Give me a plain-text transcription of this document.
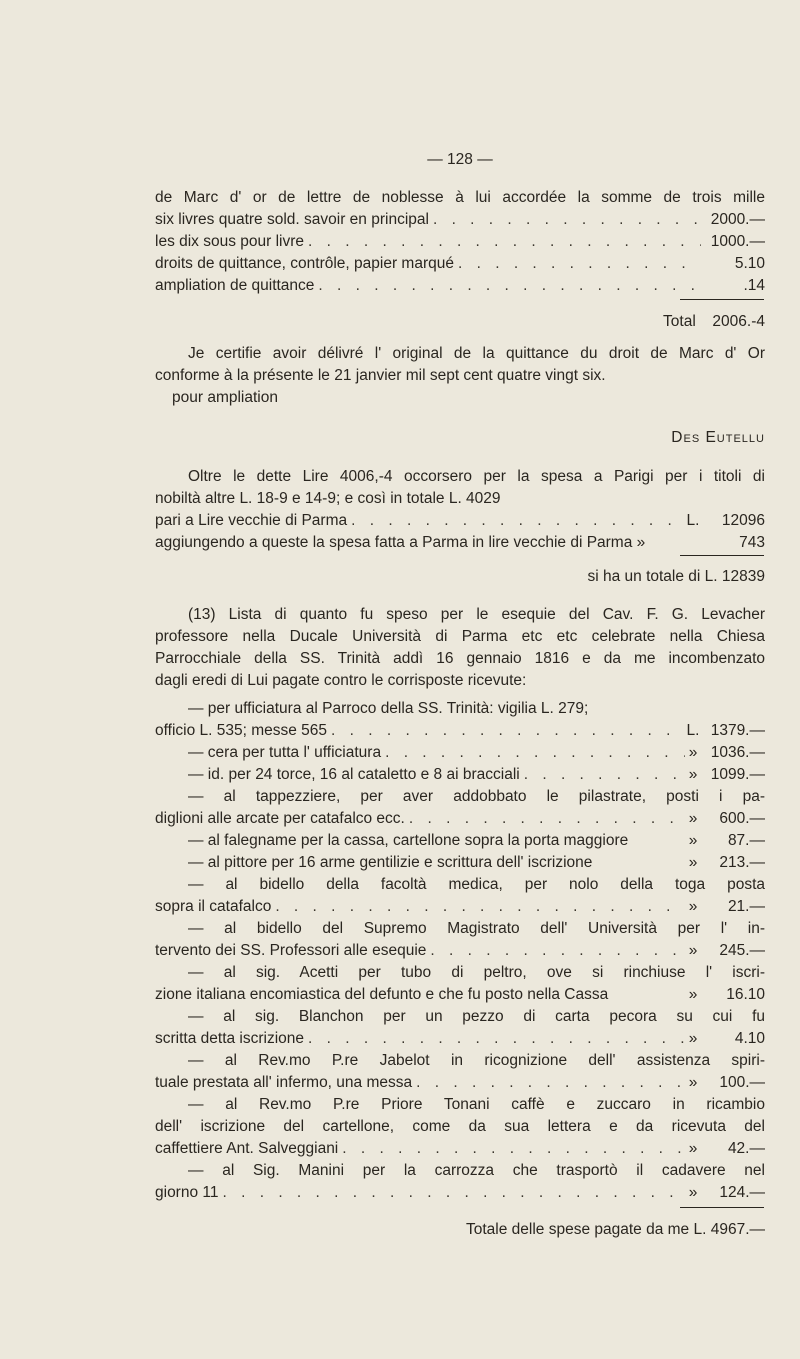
— 128 —
de Marc d' or de lettre de noblesse à lui accordée la somme de trois mille
six livres quatre sold. savoir en principal . . .	2000.—
les dix sous pour livre . . .	1000.—
droits de quittance, contrôle, papier marqué . . .	5.10
ampliation de quittance . . .	.14
Total 2006.-4
Je certifie avoir délivré l' original de la quittance du droit de Marc d' Or
conforme à la présente le 21 janvier mil sept cent quatre vingt six.
pour ampliation
Des Eutellu
Oltre le dette Lire 4006,-4 occorsero per la spesa a Parigi per i titoli di
nobiltà altre L. 18-9 e 14-9; e così in totale L. 4029
pari a Lire vecchie di Parma . . .	L.	12096
aggiungendo a queste la spesa fatta a Parma in lire vecchie di Parma »	743
si ha un totale di L. 12839
(13) Lista di quanto fu speso per le esequie del Cav. F. G. Levacher
professore nella Ducale Università di Parma etc etc celebrate nella Chiesa
Parrocchiale della SS. Trinità addì 16 gennaio 1816 e da me incombenzato
dagli eredi di Lui pagate contro le corrisposte ricevute:
— per ufficiatura al Parroco della SS. Trinità: vigilia L. 279;
officio L. 535; messe 565 . . .	L. 1379.—
— cera per tutta l' ufficiatura . . .	» 1036.—
— id. per 24 torce, 16 al cataletto e 8 ai bracciali . . .	» 1099.—
— al tappezziere, per aver addobbato le pilastrate, posti i pa-
diglioni alle arcate per catafalco ecc. . . .	»	600.—
— al falegname per la cassa, cartellone sopra la porta maggiore	»	87.—
— al pittore per 16 arme gentilizie e scrittura dell' iscrizione	»	213.—
— al bidello della facoltà medica, per nolo della toga posta
sopra il catafalco . . .	»	21.—
— al bidello del Supremo Magistrato dell' Università per l' in-
tervento dei SS. Professori alle esequie . . .	»	245.—
— al sig. Acetti per tubo di peltro, ove si rinchiuse l' iscri-
zione italiana encomiastica del defunto e che fu posto nella Cassa	»	16.10
— al sig. Blanchon per un pezzo di carta pecora su cui fu
scritta detta iscrizione . . .	»	4.10
— al Rev.mo P.re Jabelot in ricognizione dell' assistenza spiri-
tuale prestata all' infermo, una messa . . .	»	100.—
— al Rev.mo P.re Priore Tonani caffè e zuccaro in ricambio
dell' iscrizione del cartellone, come da sua lettera e da ricevuta del
caffettiere Ant. Salveggiani . . .	»	42.—
— al Sig. Manini per la carrozza che trasportò il cadavere nel
giorno 11 . . .	»	124.—
Totale delle spese pagate da me L. 4967.—
